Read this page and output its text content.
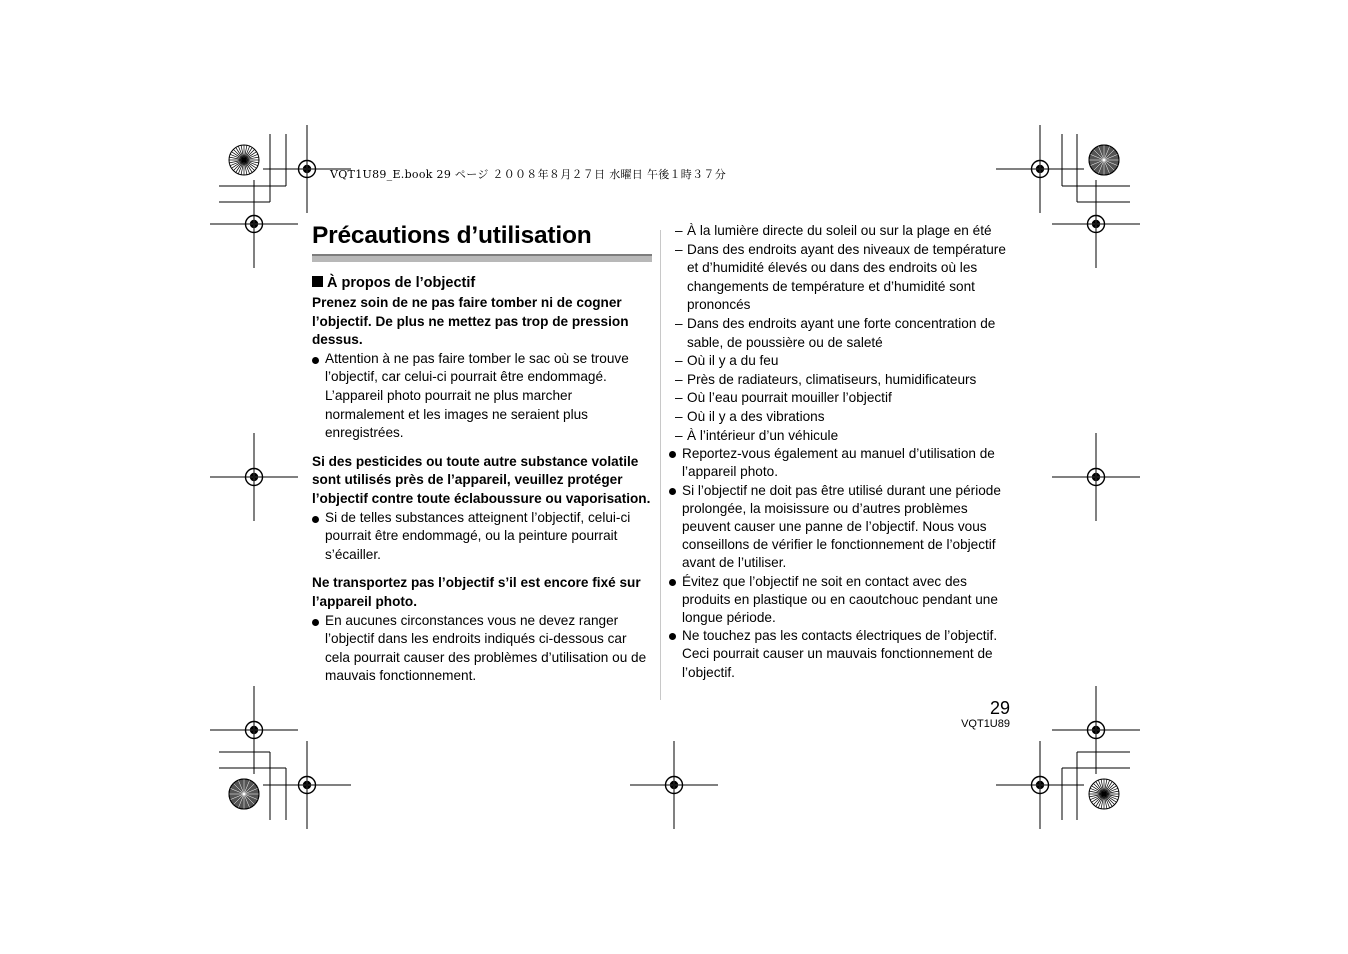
VQT1U89_E.book 29 ページ ２００８年８月２７日 水曜日 午後１時３７分
Précautions d’utilisation
À propos de l’objectif
Prenez soin de ne pas faire tomber ni de cogner l’objectif. De plus ne mettez pas trop de pression dessus.
Attention à ne pas faire tomber le sac où se trouve l’objectif, car celui-ci pourrait être endommagé. L’appareil photo pourrait ne plus marcher normalement et les images ne seraient plus enregistrées.
Si des pesticides ou toute autre substance volatile sont utilisés près de l’appareil, veuillez protéger l’objectif contre toute éclaboussure ou vaporisation.
Si de telles substances atteignent l’objectif, celui-ci pourrait être endommagé, ou la peinture pourrait s’écailler.
Ne transportez pas l’objectif s’il est encore fixé sur l’appareil photo.
En aucunes circonstances vous ne devez ranger l’objectif dans les endroits indiqués ci-dessous car cela pourrait causer des problèmes d’utilisation ou de mauvais fonctionnement.
– À la lumière directe du soleil ou sur la plage en été
– Dans des endroits ayant des niveaux de température et d’humidité élevés ou dans des endroits où les changements de température et d’humidité sont prononcés
– Dans des endroits ayant une forte concentration de sable, de poussière ou de saleté
– Où il y a du feu
– Près de radiateurs, climatiseurs, humidificateurs
– Où l’eau pourrait mouiller l’objectif
– Où il y a des vibrations
– À l’intérieur d’un véhicule
Reportez-vous également au manuel d’utilisation de l’appareil photo.
Si l’objectif ne doit pas être utilisé durant une période prolongée, la moisissure ou d’autres problèmes peuvent causer une panne de l’objectif. Nous vous conseillons de vérifier le fonctionnement de l’objectif avant de l’utiliser.
Évitez que l’objectif ne soit en contact avec des produits en plastique ou en caoutchouc pendant une longue période.
Ne touchez pas les contacts électriques de l’objectif. Ceci pourrait causer un mauvais fonctionnement de l’objectif.
29
VQT1U89
